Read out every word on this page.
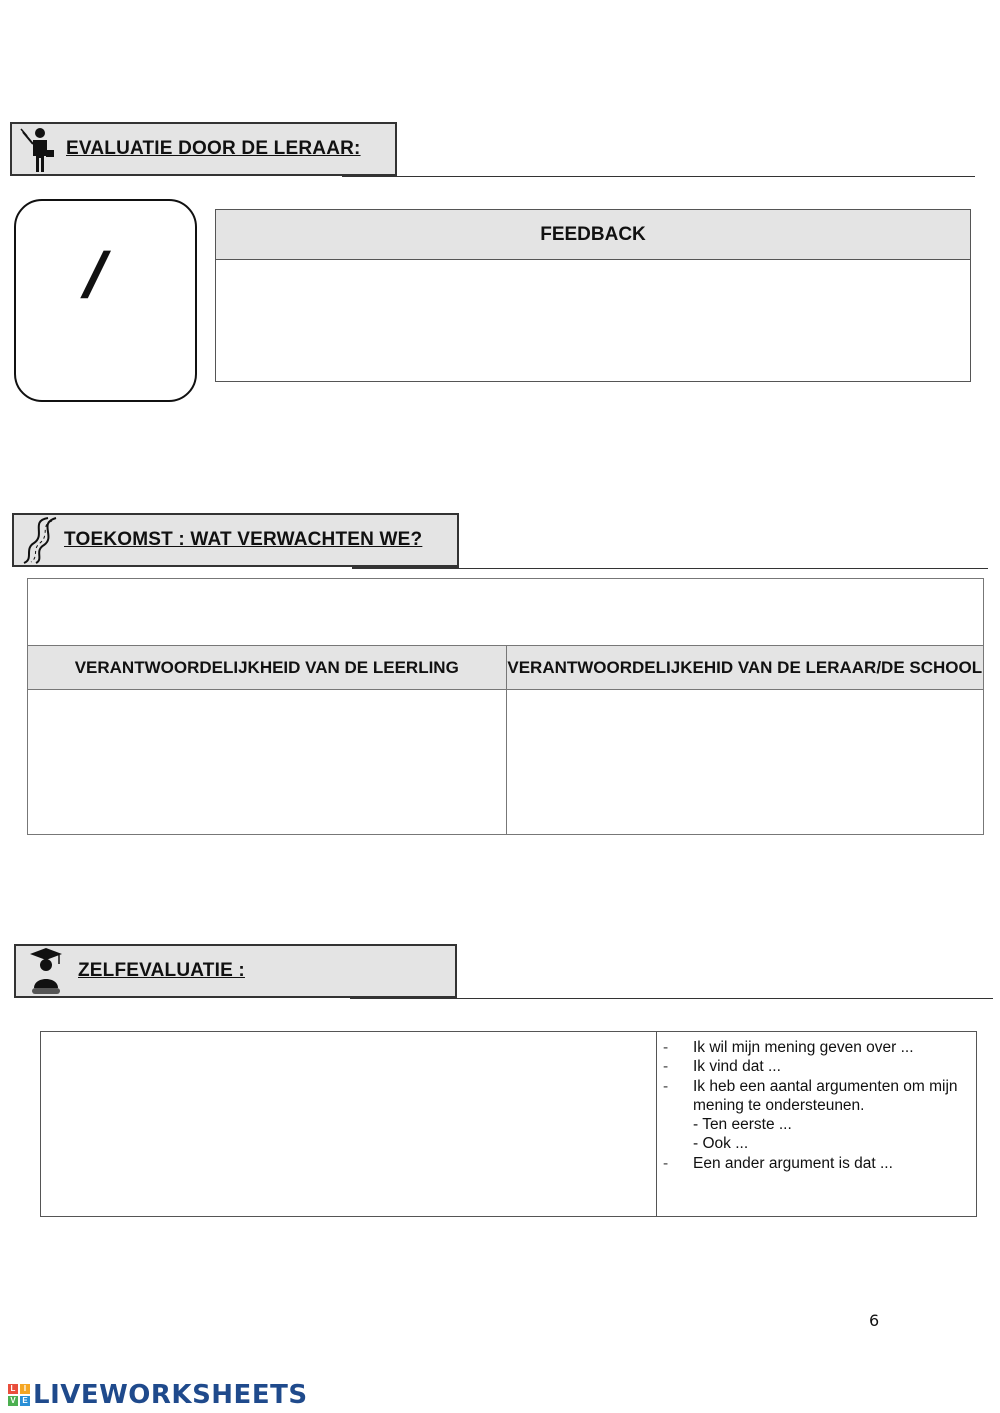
EVALUATIE DOOR DE LERAAR:
/
FEEDBACK
TOEKOMST : WAT VERWACHTEN WE?
VERANTWOORDELIJKHEID VAN DE LEERLING	VERANTWOORDELIJKEHID VAN DE LERAAR/DE SCHOOL
ZELFEVALUATIE :
- Ik wil mijn mening geven over ...
- Ik vind dat ...
- Ik heb een aantal argumenten om mijn mening te ondersteunen.
- Ten eerste ...
- Ook ...
- Een ander argument is dat ...
6
L	I
V E LIVEWORKSHEETS
